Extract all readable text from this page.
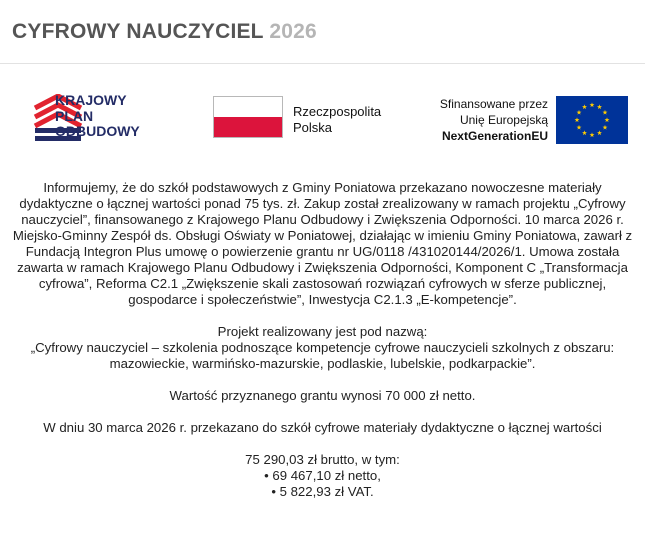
CYFROWY NAUCZYCIEL 2026
KRAJOWY
PLAN
ODBUDOWY
Rzeczpospolita
Polska
Sfinansowane przez
Unię Europejską
NextGenerationEU

Informujemy, że do szkół podstawowych z Gminy Poniatowa przekazano nowoczesne materiały dydaktyczne o łącznej wartości ponad 75 tys. zł. Zakup został zrealizowany w ramach projektu „Cyfrowy nauczyciel”, finansowanego z Krajowego Planu Odbudowy i Zwiększenia Odporności. 10 marca 2026 r. Miejsko-Gminny Zespół ds. Obsługi Oświaty w Poniatowej, działając w imieniu Gminy Poniatowa, zawarł z Fundacją Integron Plus umowę o powierzenie grantu nr UG/0118 /431020144/2026/1. Umowa została zawarta w ramach Krajowego Planu Odbudowy i Zwiększenia Odporności, Komponent C „Transformacja cyfrowa”, Reforma C2.1 „Zwiększenie skali zastosowań rozwiązań cyfrowych w sferze publicznej, gospodarce i społeczeństwie”, Inwestycja C2.1.3 „E-kompetencje”.

Projekt realizowany jest pod nazwą:

„Cyfrowy nauczyciel – szkolenia podnoszące kompetencje cyfrowe nauczycieli szkolnych z obszaru: mazowieckie, warmińsko-mazurskie, podlaskie, lubelskie, podkarpackie”.

Wartość przyznanego grantu wynosi 70 000 zł netto.

W dniu 30 marca 2026 r. przekazano do szkół cyfrowe materiały dydaktyczne o łącznej wartości

75 290,03 zł brutto, w tym:

• 69 467,10 zł netto,

• 5 822,93 zł VAT.
